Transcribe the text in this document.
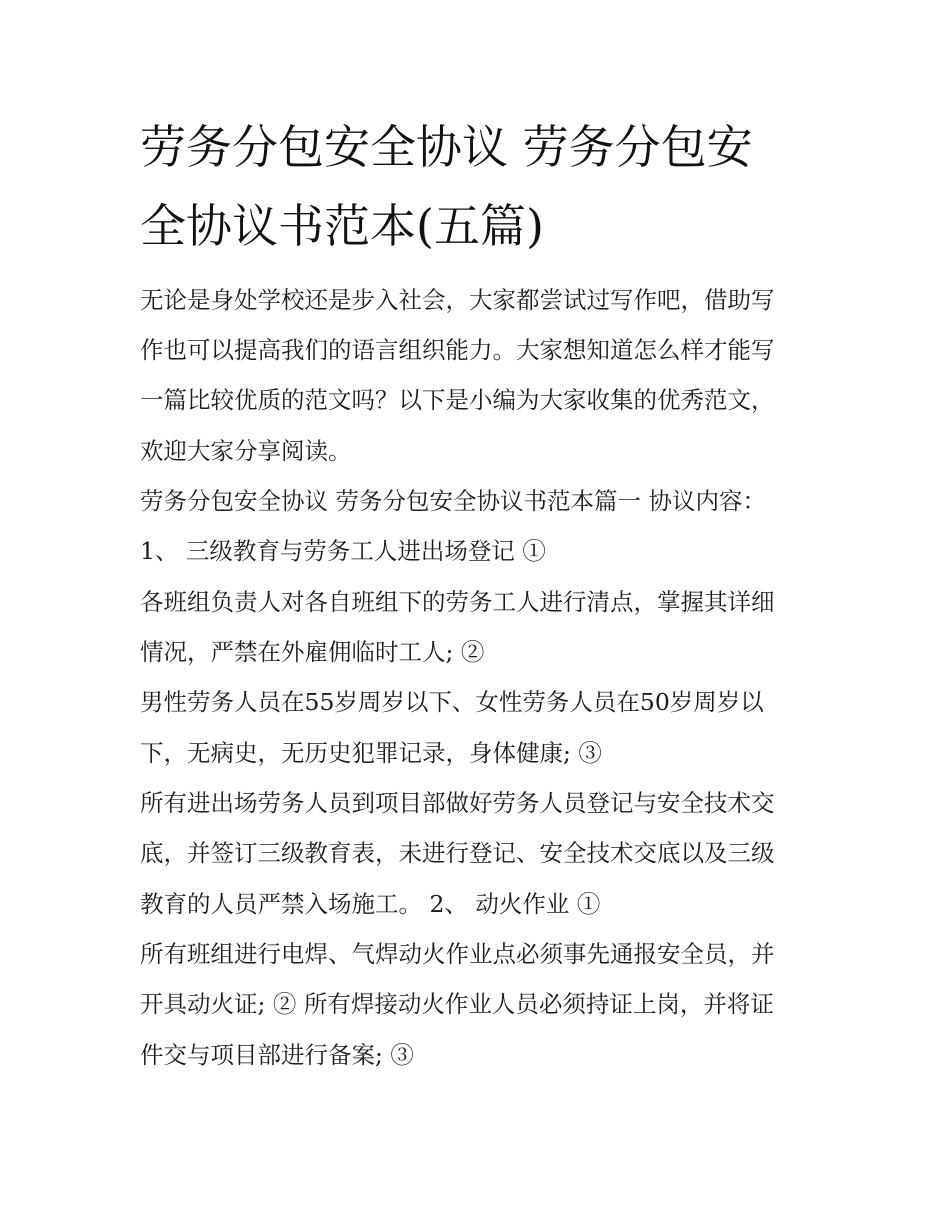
劳务分包安全协议 劳务分包安
全协议书范本(五篇)

无论是身处学校还是步入社会，大家都尝试过写作吧，借助写

作也可以提高我们的语言组织能力。大家想知道怎么样才能写

一篇比较优质的范文吗？以下是小编为大家收集的优秀范文，

欢迎大家分享阅读。

劳务分包安全协议 劳务分包安全协议书范本篇一 协议内容：

1、 三级教育与劳务工人进出场登记 ①

各班组负责人对各自班组下的劳务工人进行清点，掌握其详细

情况，严禁在外雇佣临时工人; ②

男性劳务人员在55岁周岁以下、女性劳务人员在50岁周岁以

下，无病史，无历史犯罪记录，身体健康; ③

所有进出场劳务人员到项目部做好劳务人员登记与安全技术交

底，并签订三级教育表，未进行登记、安全技术交底以及三级

教育的人员严禁入场施工。 2、 动火作业 ①

所有班组进行电焊、气焊动火作业点必须事先通报安全员，并

开具动火证; ② 所有焊接动火作业人员必须持证上岗，并将证

件交与项目部进行备案; ③
